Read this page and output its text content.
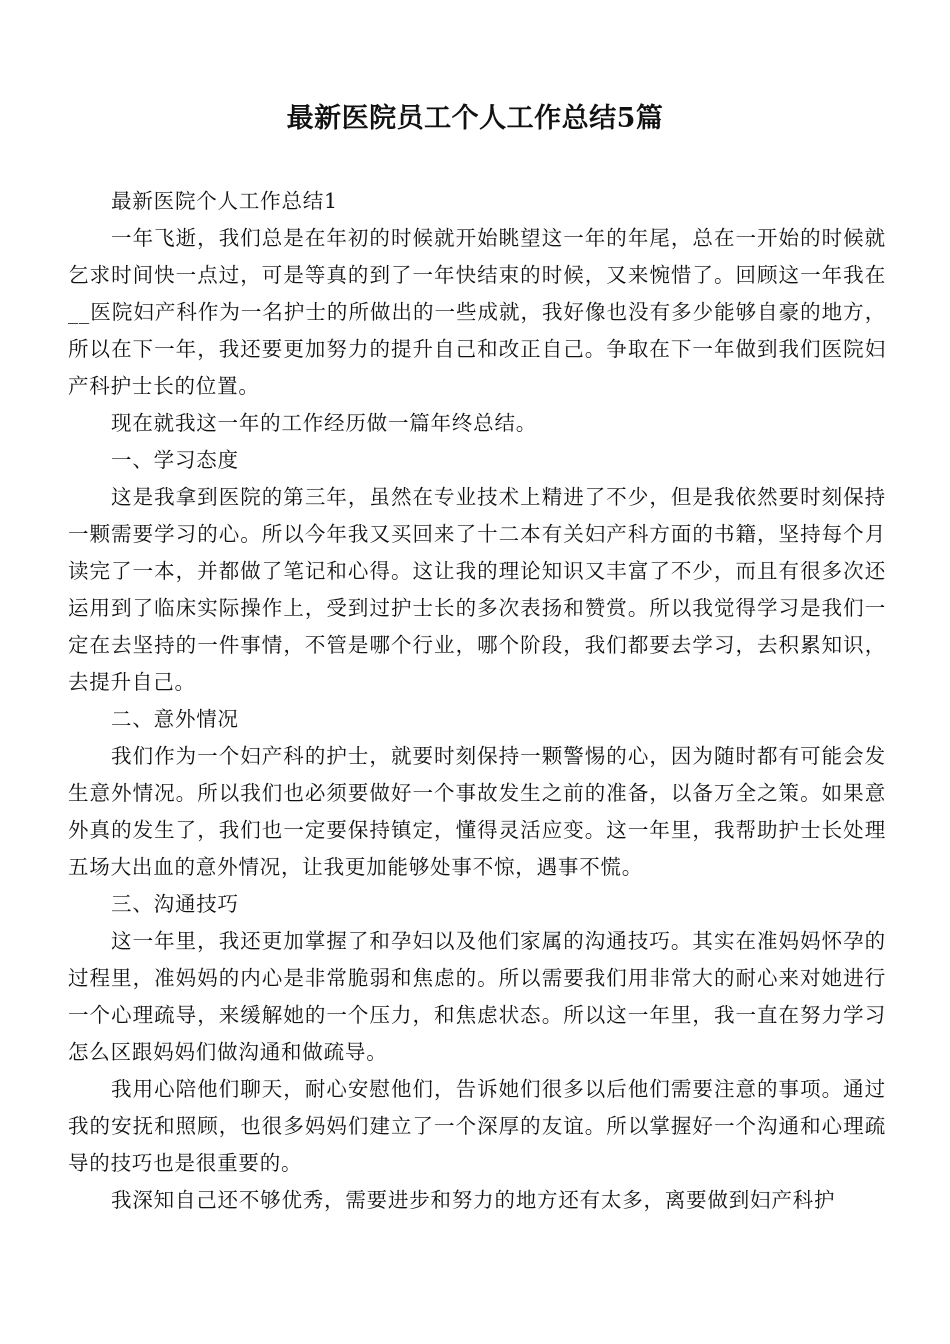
最新医院员工个人工作总结5篇

最新医院个人工作总结1

一年飞逝，我们总是在年初的时候就开始眺望这一年的年尾，总在一开始的时候就乞求时间快一点过，可是等真的到了一年快结束的时候，又来惋惜了。回顾这一年我在__医院妇产科作为一名护士的所做出的一些成就，我好像也没有多少能够自豪的地方，所以在下一年，我还要更加努力的提升自己和改正自己。争取在下一年做到我们医院妇产科护士长的位置。

现在就我这一年的工作经历做一篇年终总结。

一、学习态度

这是我拿到医院的第三年，虽然在专业技术上精进了不少，但是我依然要时刻保持一颗需要学习的心。所以今年我又买回来了十二本有关妇产科方面的书籍，坚持每个月读完了一本，并都做了笔记和心得。这让我的理论知识又丰富了不少，而且有很多次还运用到了临床实际操作上，受到过护士长的多次表扬和赞赏。所以我觉得学习是我们一定在去坚持的一件事情，不管是哪个行业，哪个阶段，我们都要去学习，去积累知识，去提升自己。

二、意外情况

我们作为一个妇产科的护士，就要时刻保持一颗警惕的心，因为随时都有可能会发生意外情况。所以我们也必须要做好一个事故发生之前的准备，以备万全之策。如果意外真的发生了，我们也一定要保持镇定，懂得灵活应变。这一年里，我帮助护士长处理五场大出血的意外情况，让我更加能够处事不惊，遇事不慌。

三、沟通技巧

这一年里，我还更加掌握了和孕妇以及他们家属的沟通技巧。其实在准妈妈怀孕的过程里，准妈妈的内心是非常脆弱和焦虑的。所以需要我们用非常大的耐心来对她进行一个心理疏导，来缓解她的一个压力，和焦虑状态。所以这一年里，我一直在努力学习怎么区跟妈妈们做沟通和做疏导。

我用心陪他们聊天，耐心安慰他们，告诉她们很多以后他们需要注意的事项。通过我的安抚和照顾，也很多妈妈们建立了一个深厚的友谊。所以掌握好一个沟通和心理疏导的技巧也是很重要的。

我深知自己还不够优秀，需要进步和努力的地方还有太多，离要做到妇产科护
